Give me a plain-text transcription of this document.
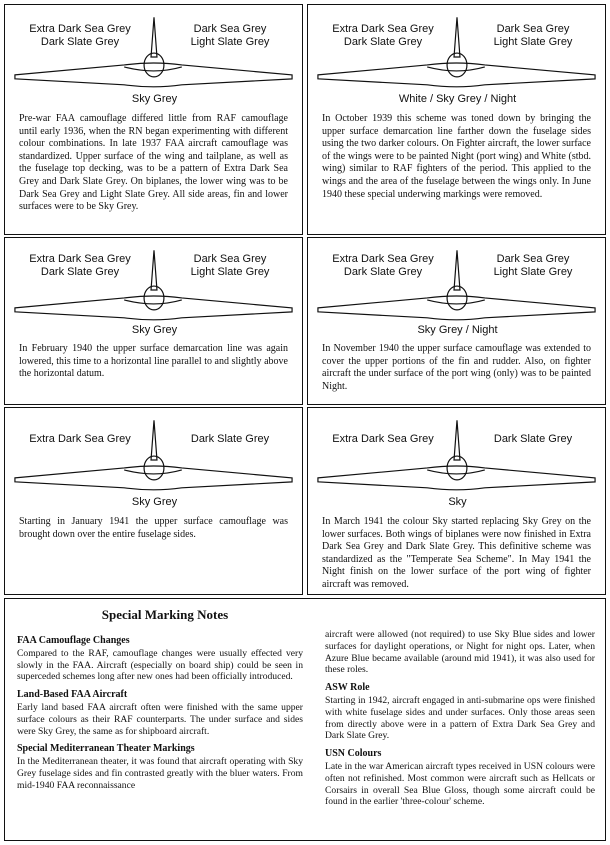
Extra Dark Sea Grey
Dark Slate Grey
Dark Sea Grey
Light Slate Grey
Sky Grey
Pre-war FAA camouflage differed little from RAF camouflage until early 1936, when the RN began experimenting with different colour combinations. In late 1937 FAA aircraft camouflage was standardized. Upper surface of the wing and tailplane, as well as the fuselage top decking, was to be a pattern of Extra Dark Sea Grey and Dark Slate Grey. On biplanes, the lower wing was to be Dark Sea Grey and Light Slate Grey. All side areas, fin and lower surfaces were to be Sky Grey.
Extra Dark Sea Grey
Dark Slate Grey
Dark Sea Grey
Light Slate Grey
White / Sky Grey / Night
In October 1939 this scheme was toned down by bringing the upper surface demarcation line farther down the fuselage sides using the two darker colours. On Fighter aircraft, the lower surface of the wings were to be painted Night (port wing) and White (stbd. wing) similar to RAF fighters of the period. This applied to the wings and the area of the fuselage between the wings only. In June 1940 these special underwing markings were removed.
Extra Dark Sea Grey
Dark Slate Grey
Dark Sea Grey
Light Slate Grey
Sky Grey
In February 1940 the upper surface demarcation line was again lowered, this time to a horizontal line parallel to and slightly above the horizontal datum.
Extra Dark Sea Grey
Dark Slate Grey
Dark Sea Grey
Light Slate Grey
Sky Grey / Night
In November 1940 the upper surface camouflage was extended to cover the upper portions of the fin and rudder. Also, on fighter aircraft the under surface of the port wing (only) was to be painted Night.
Extra Dark Sea Grey	Dark Slate Grey
Sky Grey
Starting in January 1941 the upper surface camouflage was brought down over the entire fuselage sides.
Extra Dark Sea Grey	Dark Slate Grey
Sky
In March 1941 the colour Sky started replacing Sky Grey on the lower surfaces. Both wings of biplanes were now finished in Extra Dark Sea Grey and Dark Slate Grey. This definitive scheme was standardized as the "Temperate Sea Scheme". In May 1941 the Night finish on the lower surface of the port wing of fighter aircraft was removed.
Special Marking Notes
FAA Camouflage Changes

Compared to the RAF, camouflage changes were usually effected very slowly in the FAA. Aircraft (especially on board ship) could be seen in superceded schemes long after new ones had been officially introduced.

Land-Based FAA Aircraft

Early land based FAA aircraft often were finished with the same upper surface colours as their RAF counterparts. The under surface and sides were Sky Grey, the same as for shipboard aircraft.

Special Mediterranean Theater Markings

In the Mediterranean theater, it was found that aircraft operating with Sky Grey fuselage sides and fin contrasted greatly with the bluer waters. From mid-1940 FAA reconnaissance

aircraft were allowed (not required) to use Sky Blue sides and lower surfaces for daylight operations, or Night for night ops. Later, when Azure Blue became available (around mid 1941), it was also used for these roles.

ASW Role

Starting in 1942, aircraft engaged in anti-submarine ops were finished with white fuselage sides and under surfaces. Only those areas seen from directly above were in a pattern of Extra Dark Sea Grey and Dark Slate Grey.

USN Colours

Late in the war American aircraft types received in USN colours were often not refinished. Most common were aircraft such as Hellcats or Corsairs in overall Sea Blue Gloss, though some aircraft could be found in the earlier 'three-colour' scheme.
